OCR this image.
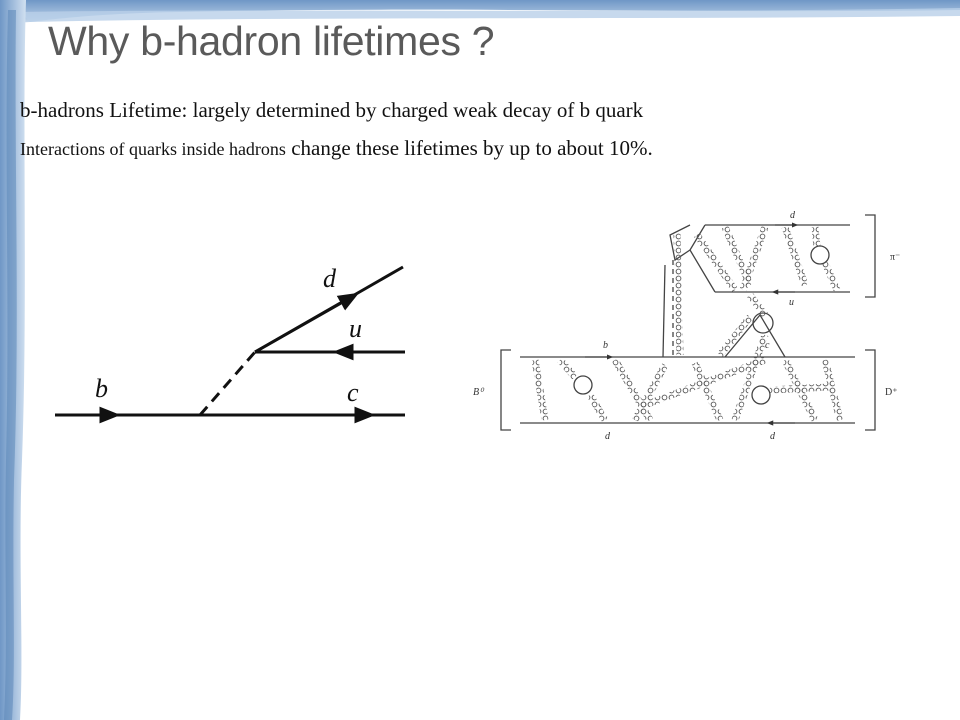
Why b-hadron lifetimes ?
b-hadrons Lifetime: largely determined by charged weak decay of b quark
Interactions of quarks inside hadrons change these lifetimes by up to about 10%.
b	c
u
d
d
u
c
b
d	d
π⁻
B⁰	D⁺
